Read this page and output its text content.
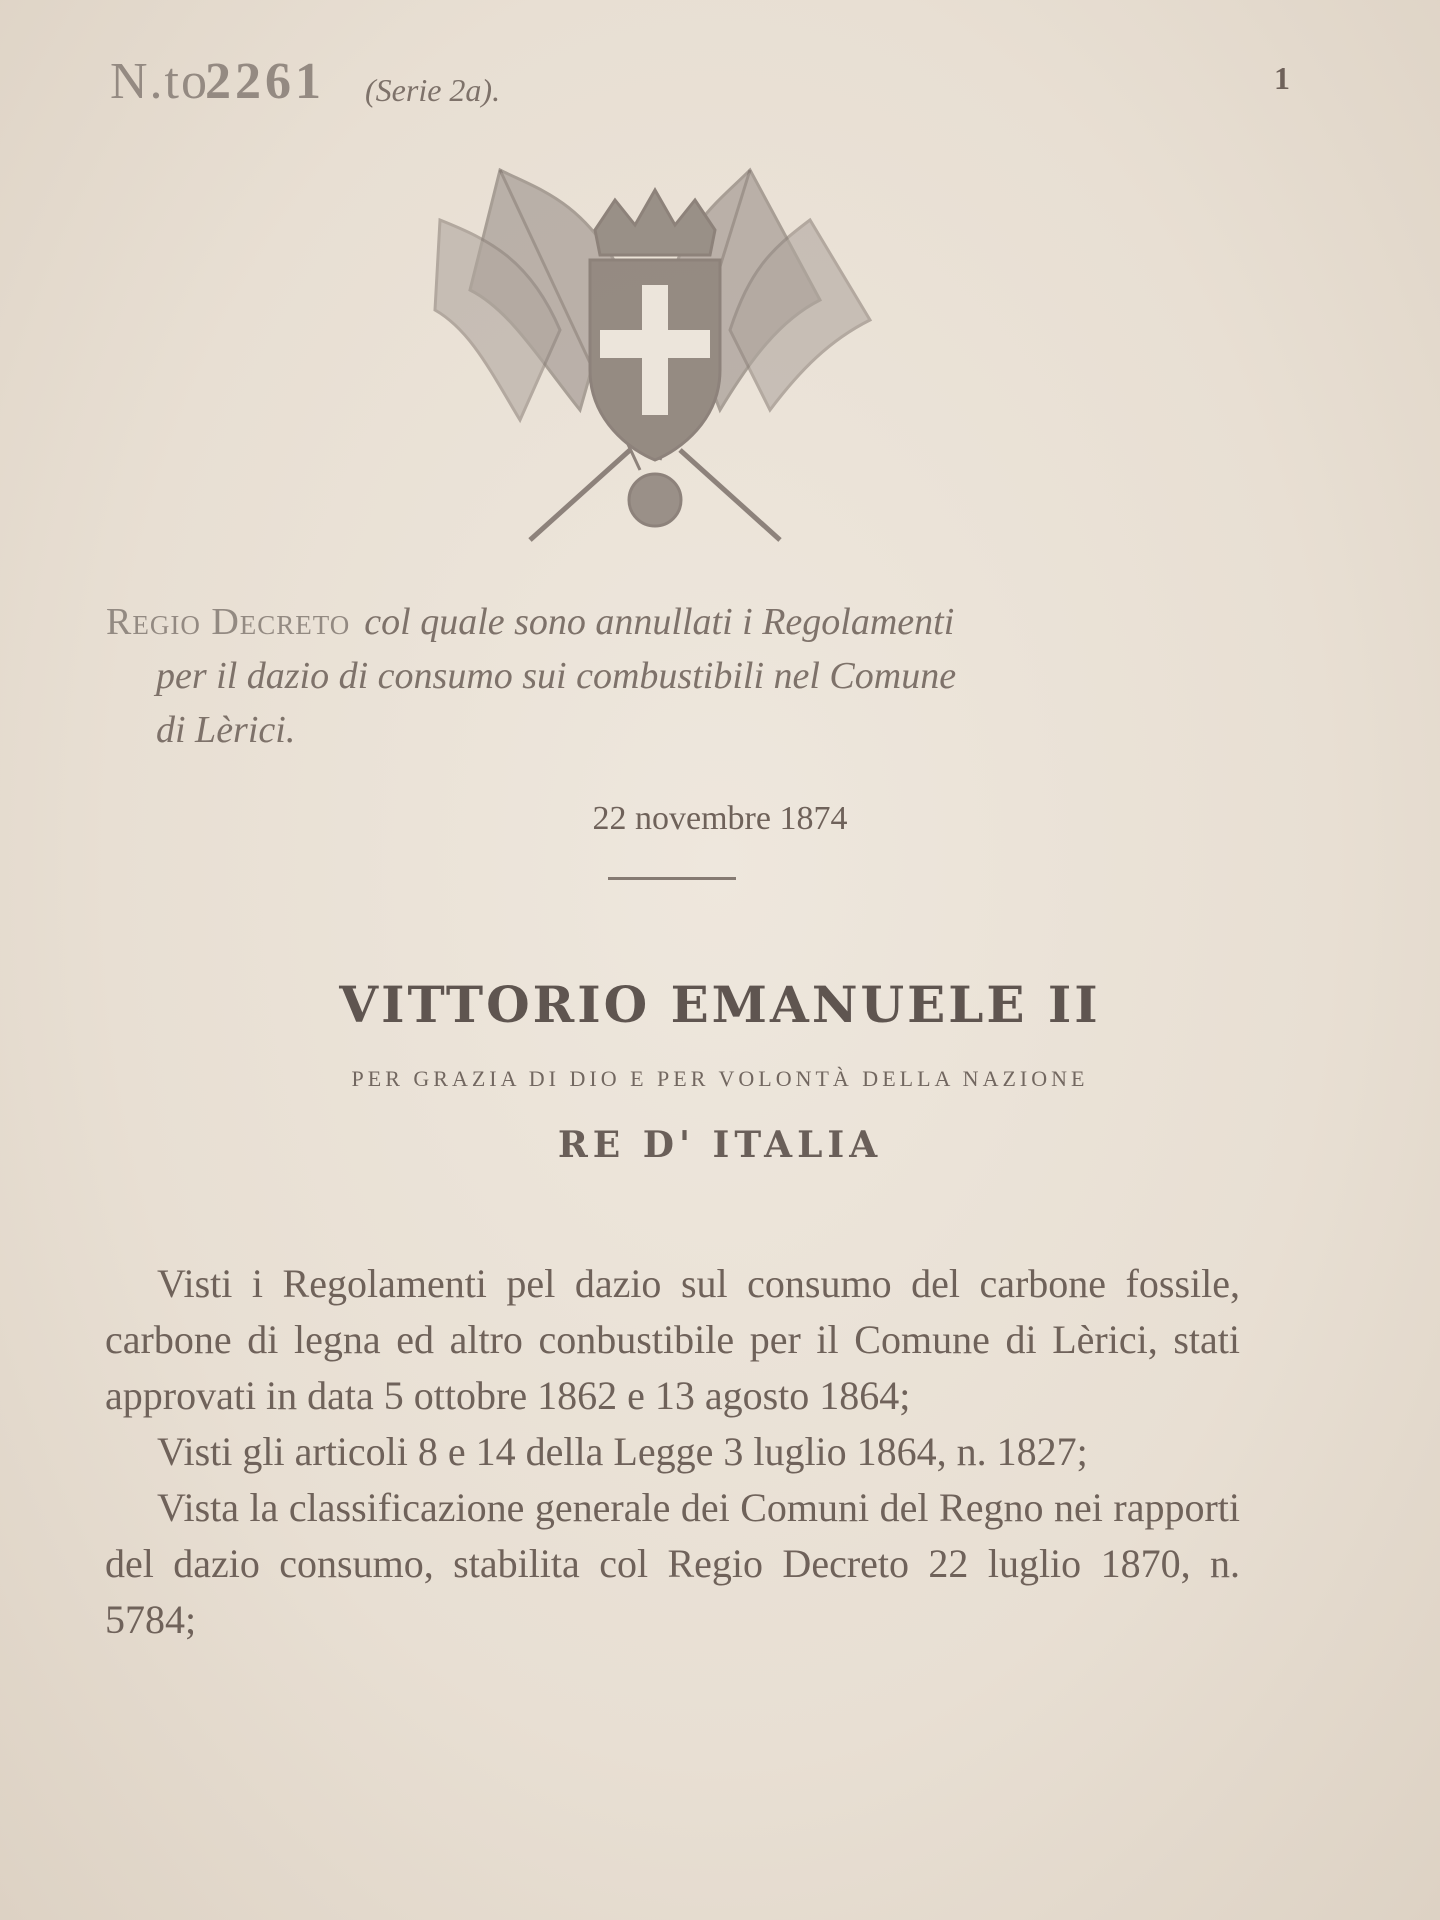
N.to
2261 (Serie 2a).	1
Regio Decreto col quale sono annullati i Regolamenti
per il dazio di consumo sui combustibili nel Comune
di Lèrici.
22 novembre 1874
VITTORIO EMANUELE II
PER GRAZIA DI DIO E PER VOLONTÀ DELLA NAZIONE
RE D' ITALIA

Visti i Regolamenti pel dazio sul consumo del carbone fossile, carbone di legna ed altro conbustibile per il Comune di Lèrici, stati approvati in data 5 ottobre 1862 e 13 agosto 1864;

Visti gli articoli 8 e 14 della Legge 3 luglio 1864, n. 1827;

Vista la classificazione generale dei Comuni del Regno nei rapporti del dazio consumo, stabilita col Regio Decreto 22 luglio 1870, n. 5784;
